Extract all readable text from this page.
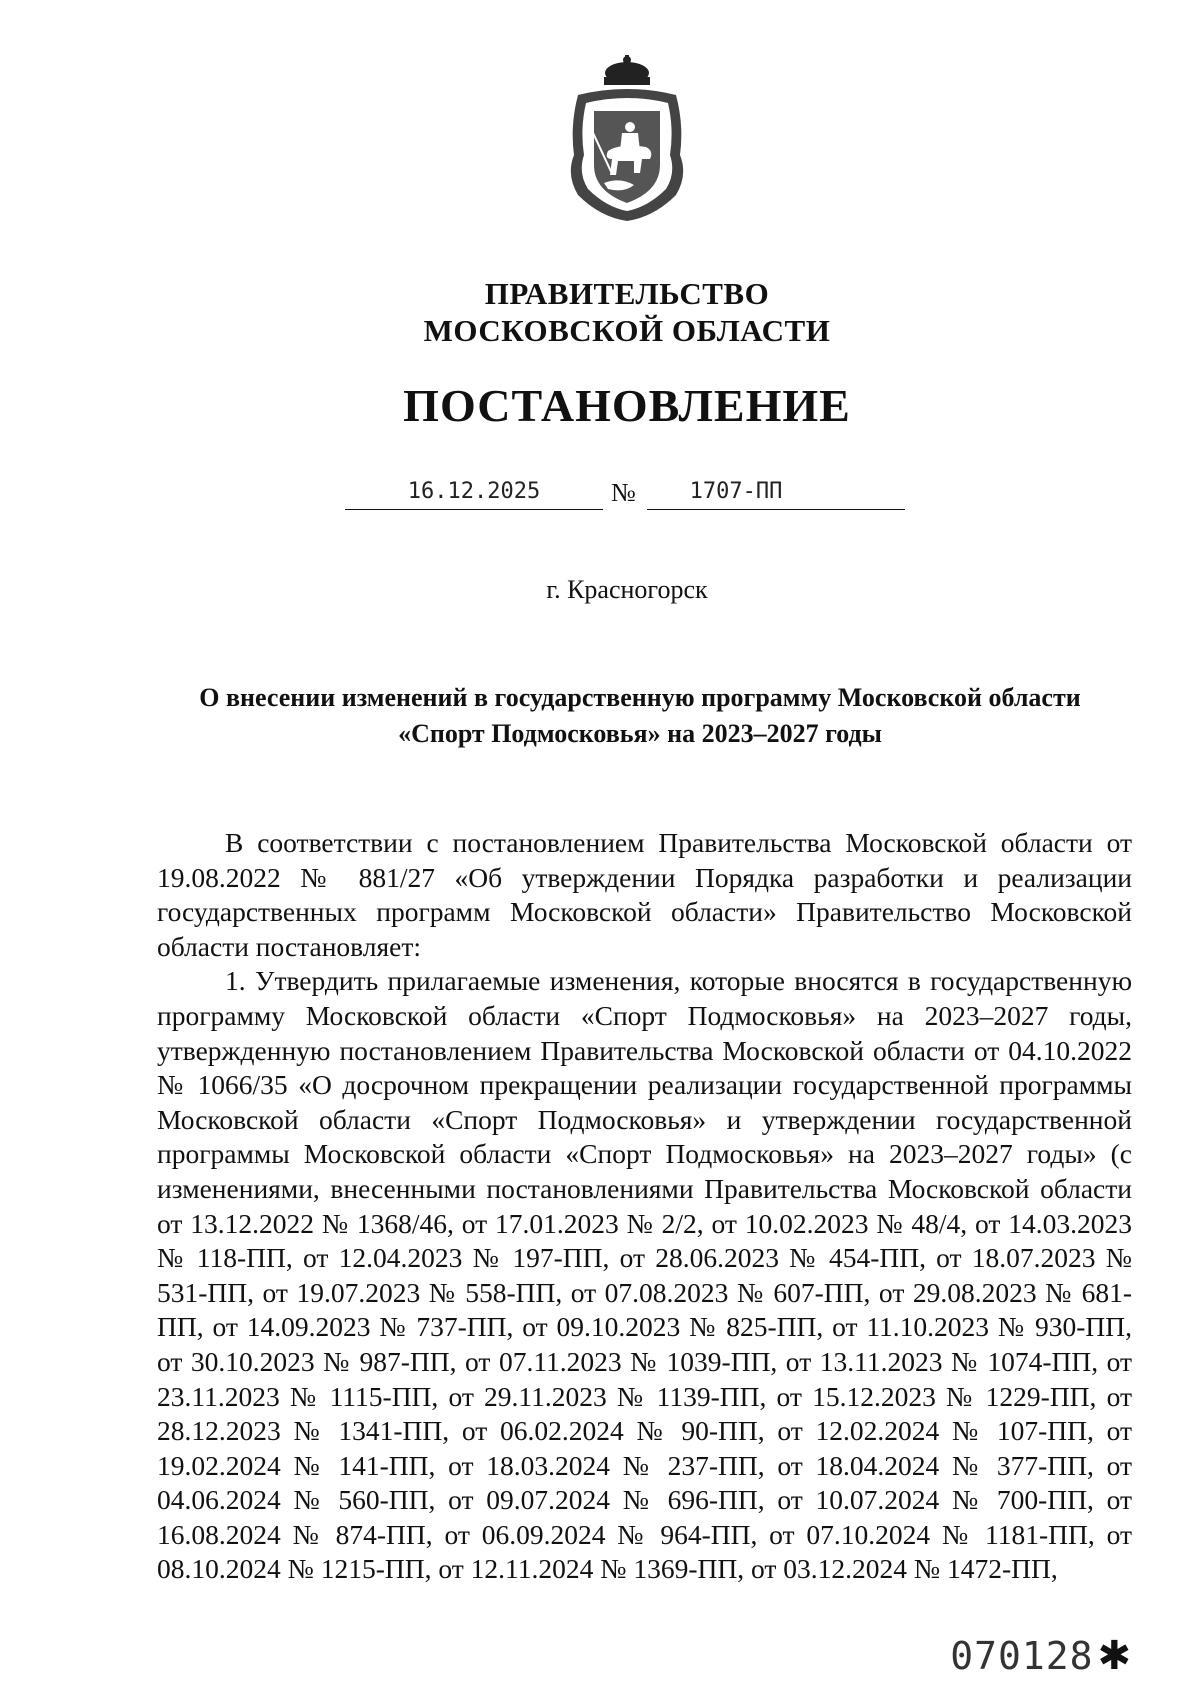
ПРАВИТЕЛЬСТВО
МОСКОВСКОЙ ОБЛАСТИ
ПОСТАНОВЛЕНИЕ
16.12.2025	№	1707-ПП
г. Красногорск
О внесении изменений в государственную программу Московской области
«Спорт Подмосковья» на 2023–2027 годы

В соответствии с постановлением Правительства Московской области от 19.08.2022 № 881/27 «Об утверждении Порядка разработки и реализации государственных программ Московской области» Правительство Московской области постановляет:

1. Утвердить прилагаемые изменения, которые вносятся в государственную программу Московской области «Спорт Подмосковья» на 2023–2027 годы, утвержденную постановлением Правительства Московской области от 04.10.2022 № 1066/35 «О досрочном прекращении реализации государственной программы Московской области «Спорт Подмосковья» и утверждении государственной программы Московской области «Спорт Подмосковья» на 2023–2027 годы» (с изменениями, внесенными постановлениями Правительства Московской области от 13.12.2022 № 1368/46, от 17.01.2023 № 2/2, от 10.02.2023 № 48/4, от 14.03.2023 № 118-ПП, от 12.04.2023 № 197-ПП, от 28.06.2023 № 454-ПП, от 18.07.2023 № 531-ПП, от 19.07.2023 № 558-ПП, от 07.08.2023 № 607-ПП, от 29.08.2023 № 681-ПП, от 14.09.2023 № 737-ПП, от 09.10.2023 № 825-ПП, от 11.10.2023 № 930-ПП, от 30.10.2023 № 987-ПП, от 07.11.2023 № 1039-ПП, от 13.11.2023 № 1074-ПП, от 23.11.2023 № 1115-ПП, от 29.11.2023 № 1139-ПП, от 15.12.2023 № 1229-ПП, от 28.12.2023 № 1341-ПП, от 06.02.2024 № 90-ПП, от 12.02.2024 № 107-ПП, от 19.02.2024 № 141-ПП, от 18.03.2024 № 237-ПП, от 18.04.2024 № 377-ПП, от 04.06.2024 № 560-ПП, от 09.07.2024 № 696-ПП, от 10.07.2024 № 700-ПП, от 16.08.2024 № 874-ПП, от 06.09.2024 № 964-ПП, от 07.10.2024 № 1181-ПП, от 08.10.2024 № 1215-ПП, от 12.11.2024 № 1369-ПП, от 03.12.2024 № 1472-ПП,

070128 ✱
